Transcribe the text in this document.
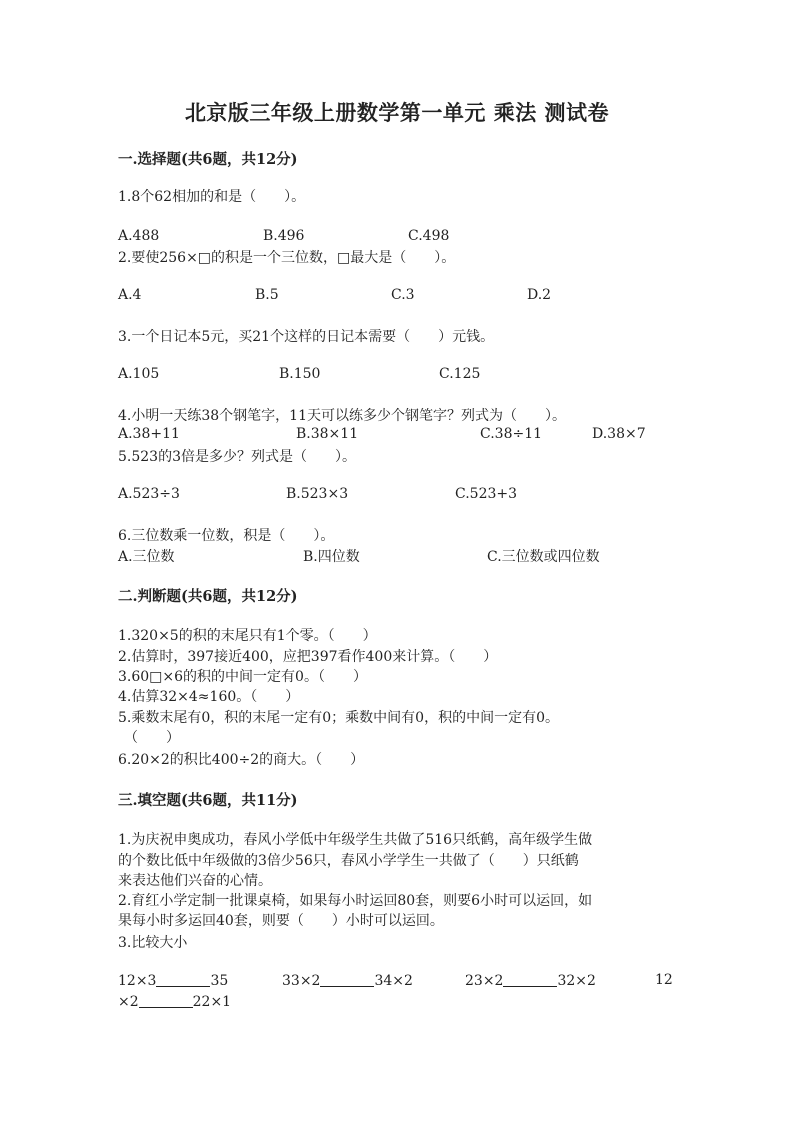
北京版三年级上册数学第一单元 乘法 测试卷
一.选择题(共6题，共12分)
1.8个62相加的和是（　　）。
A.488	B.496	C.498
2.要使256×□的积是一个三位数，□最大是（　　）。
A.4	B.5	C.3	D.2
3.一个日记本5元，买21个这样的日记本需要（　　）元钱。
A.105	B.150	C.125
4.小明一天练38个钢笔字，11天可以练多少个钢笔字？列式为（　　）。
A.38+11	B.38×11	C.38÷11	D.38×7
5.523的3倍是多少？列式是（　　）。
A.523÷3	B.523×3	C.523+3
6.三位数乘一位数，积是（　　）。
A.三位数	B.四位数	C.三位数或四位数
二.判断题(共6题，共12分)
1.320×5的积的末尾只有1个零。（　　）
2.估算时，397接近400，应把397看作400来计算。（　　）
3.60□×6的积的中间一定有0。（　　）
4.估算32×4≈160。（　　）
5.乘数末尾有0，积的末尾一定有0；乘数中间有0，积的中间一定有0。
（　　）
6.20×2的积比400÷2的商大。（　　）
三.填空题(共6题，共11分)
1.为庆祝申奥成功，春风小学低中年级学生共做了516只纸鹤，高年级学生做
的个数比低中年级做的3倍少56只，春风小学学生一共做了（　　）只纸鹤
来表达他们兴奋的心情。
2.育红小学定制一批课桌椅，如果每小时运回80套，则要6小时可以运回，如
果每小时多运回40套，则要（　　）小时可以运回。
3.比较大小
12×3	35	33×2	34×2	23×2	32×2	12
×2	22×1
